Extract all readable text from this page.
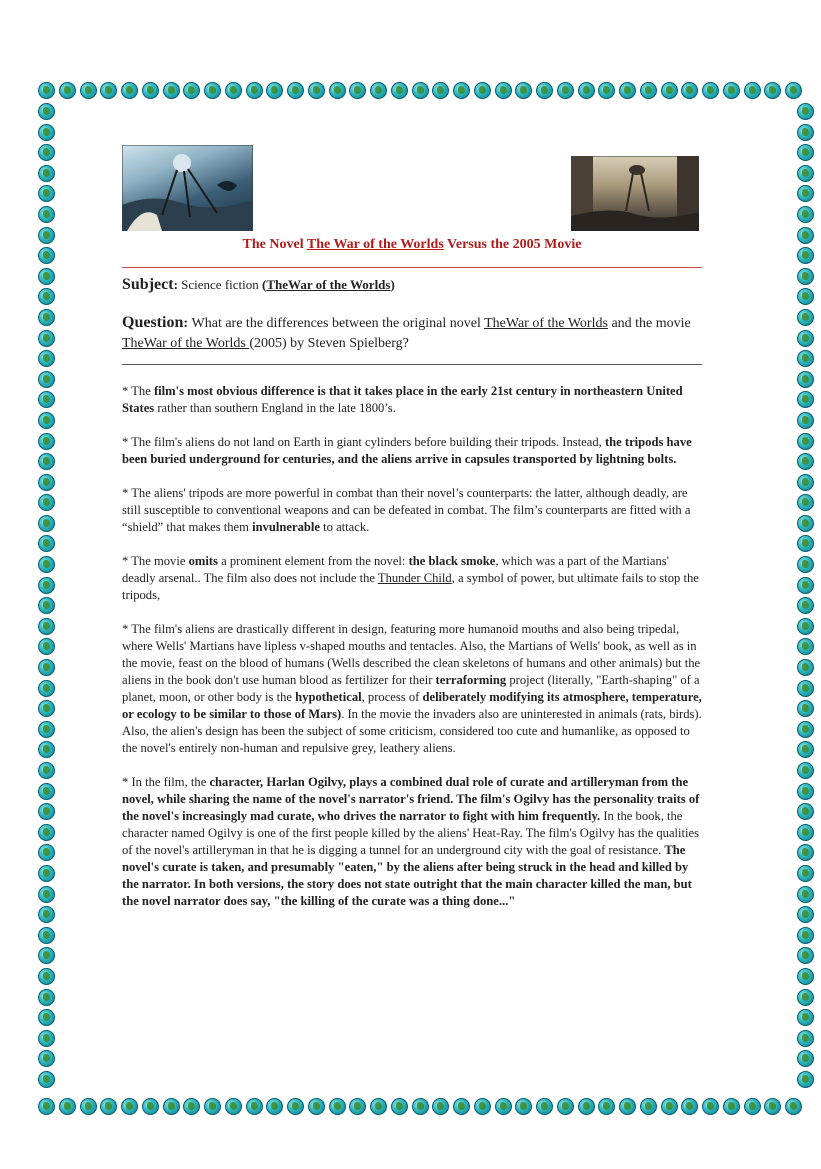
The Novel The War of the Worlds Versus the 2005 Movie
Subject: Science fiction (TheWar of the Worlds)
Question: What are the differences between the original novel TheWar of the Worlds and the movie TheWar of the Worlds (2005) by Steven Spielberg?

* The film's most obvious difference is that it takes place in the early 21st century in northeastern United States rather than southern England in the late 1800’s.

* The film's aliens do not land on Earth in giant cylinders before building their tripods. Instead, the tripods have been buried underground for centuries, and the aliens arrive in capsules transported by lightning bolts.

* The aliens' tripods are more powerful in combat than their novel’s counterparts: the latter, although deadly, are still susceptible to conventional weapons and can be defeated in combat. The film’s counterparts are fitted with a “shield” that makes them invulnerable to attack.

* The movie omits a prominent element from the novel: the black smoke, which was a part of the Martians' deadly arsenal.. The film also does not include the Thunder Child, a symbol of power, but ultimate fails to stop the tripods,

* The film's aliens are drastically different in design, featuring more humanoid mouths and also being tripedal, where Wells' Martians have lipless v-shaped mouths and tentacles. Also, the Martians of Wells' book, as well as in the movie, feast on the blood of humans (Wells described the clean skeletons of humans and other animals) but the aliens in the book don't use human blood as fertilizer for their terraforming project (literally, "Earth-shaping" of a planet, moon, or other body is the hypothetical, process of deliberately modifying its atmosphere, temperature, or ecology to be similar to those of Mars). In the movie the invaders also are uninterested in animals (rats, birds). Also, the alien's design has been the subject of some criticism, considered too cute and humanlike, as opposed to the novel's entirely non-human and repulsive grey, leathery aliens.

* In the film, the character, Harlan Ogilvy, plays a combined dual role of curate and artilleryman from the novel, while sharing the name of the novel's narrator's friend. The film's Ogilvy has the personality traits of the novel's increasingly mad curate, who drives the narrator to fight with him frequently. In the book, the character named Ogilvy is one of the first people killed by the aliens' Heat-Ray. The film's Ogilvy has the qualities of the novel's artilleryman in that he is digging a tunnel for an underground city with the goal of resistance. The novel's curate is taken, and presumably "eaten," by the aliens after being struck in the head and killed by the narrator. In both versions, the story does not state outright that the main character killed the man, but the novel narrator does say, "the killing of the curate was a thing done..."
